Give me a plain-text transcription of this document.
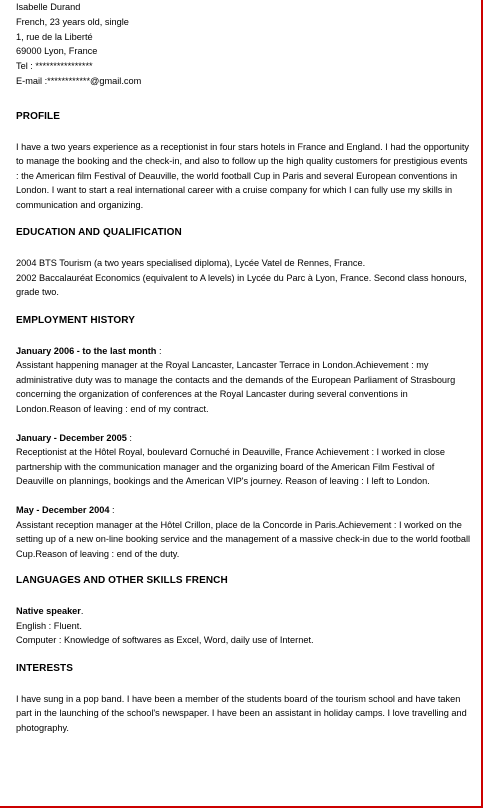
Isabelle Durand
French, 23 years old, single
1, rue de la Liberté
69000 Lyon, France
Tel : ****************
E-mail :************@gmail.com
PROFILE

I have a two years experience as a receptionist in four stars hotels in France and England. I had the opportunity to manage the booking and the check-in, and also to follow up the high quality customers for prestigious events : the American film Festival of Deauville, the world football Cup in Paris and several European conventions in London. I want to start a real international career with a cruise company for which I can fully use my skills in communication and organizing.

EDUCATION AND QUALIFICATION

2004 BTS Tourism (a two years specialised diploma), Lycée Vatel de Rennes, France.

2002 Baccalauréat Economics (equivalent to A levels) in Lycée du Parc à Lyon, France. Second class honours, grade two.

EMPLOYMENT HISTORY

January 2006 - to the last month :
Assistant happening manager at the Royal Lancaster, Lancaster Terrace in London.Achievement : my administrative duty was to manage the contacts and the demands of the European Parliament of Strasbourg concerning the organization of conferences at the Royal Lancaster during several conventions in London.Reason of leaving : end of my contract.

January - December 2005 :
Receptionist at the Hôtel Royal, boulevard Cornuché in Deauville, France Achievement : I worked in close partnership with the communication manager and the organizing board of the American Film Festival of Deauville on plannings, bookings and the American VIP's journey. Reason of leaving : I left to London.

May - December 2004 :
Assistant reception manager at the Hôtel Crillon, place de la Concorde in Paris.Achievement : I worked on the setting up of a new on-line booking service and the management of a massive check-in due to the world football Cup.Reason of leaving : end of the duty.

LANGUAGES AND OTHER SKILLS FRENCH

Native speaker.

English : Fluent.

Computer : Knowledge of softwares as Excel, Word, daily use of Internet.

INTERESTS

I have sung in a pop band. I have been a member of the students board of the tourism school and have taken part in the launching of the school's newspaper. I have been an assistant in holiday camps. I love travelling and photography.
